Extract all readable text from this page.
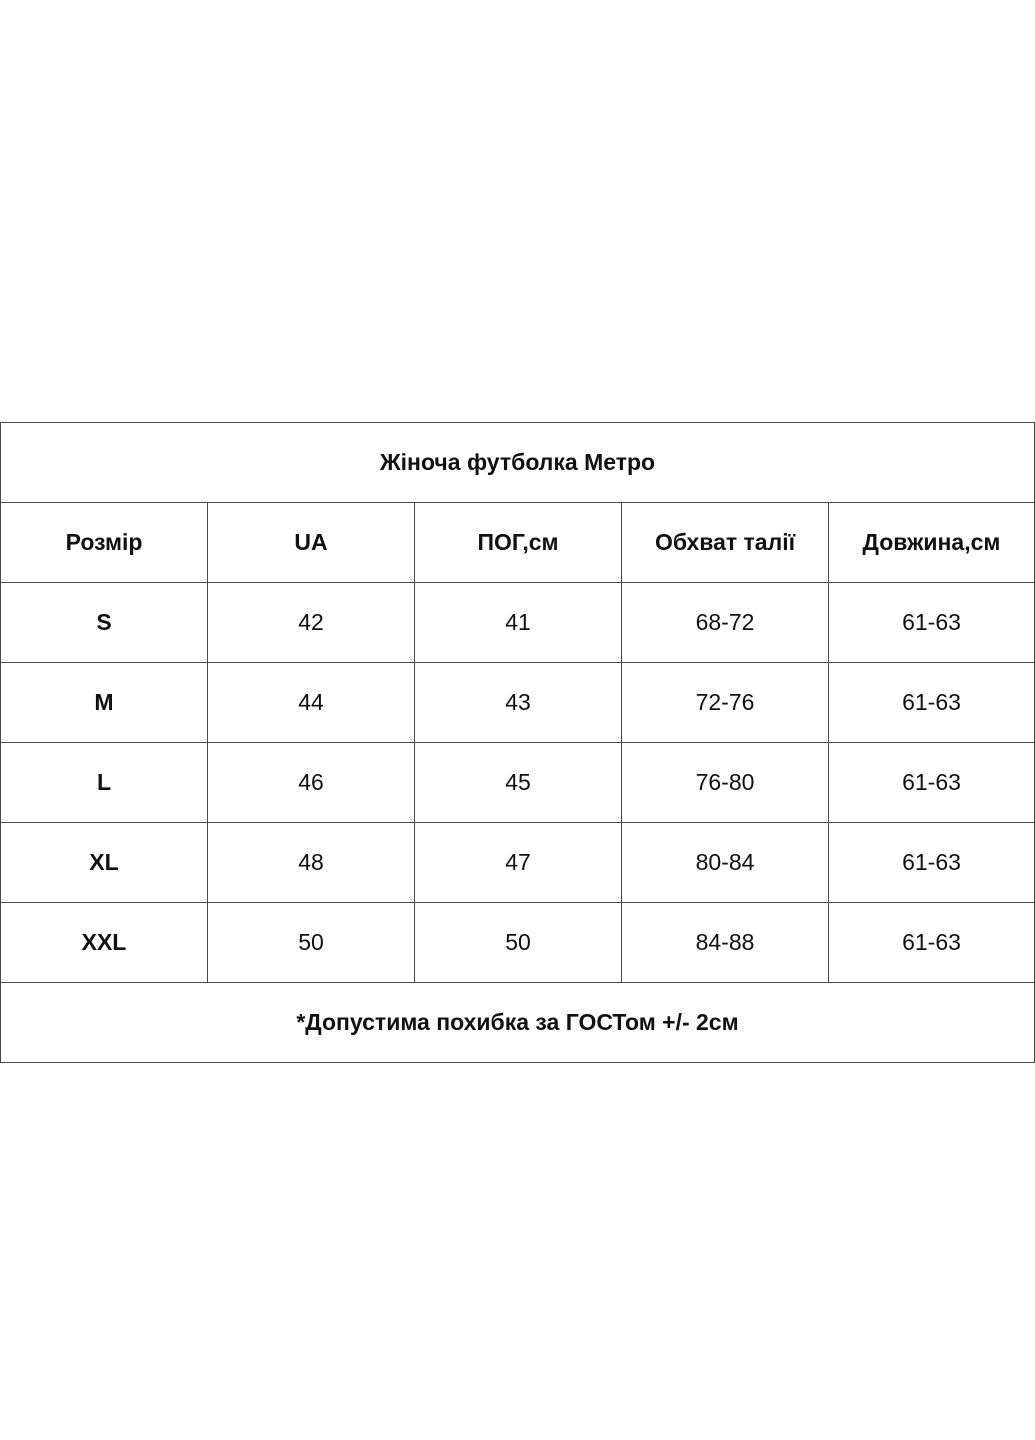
Жіноча футболка Метро				
Розмір	UA	ПОГ,см	Обхват талії	Довжина,см
S	42	41	68-72	61-63
M	44	43	72-76	61-63
L	46	45	76-80	61-63
XL	48	47	80-84	61-63
XXL	50	50	84-88	61-63
*Допустима похибка за ГОСТом +/- 2см				
